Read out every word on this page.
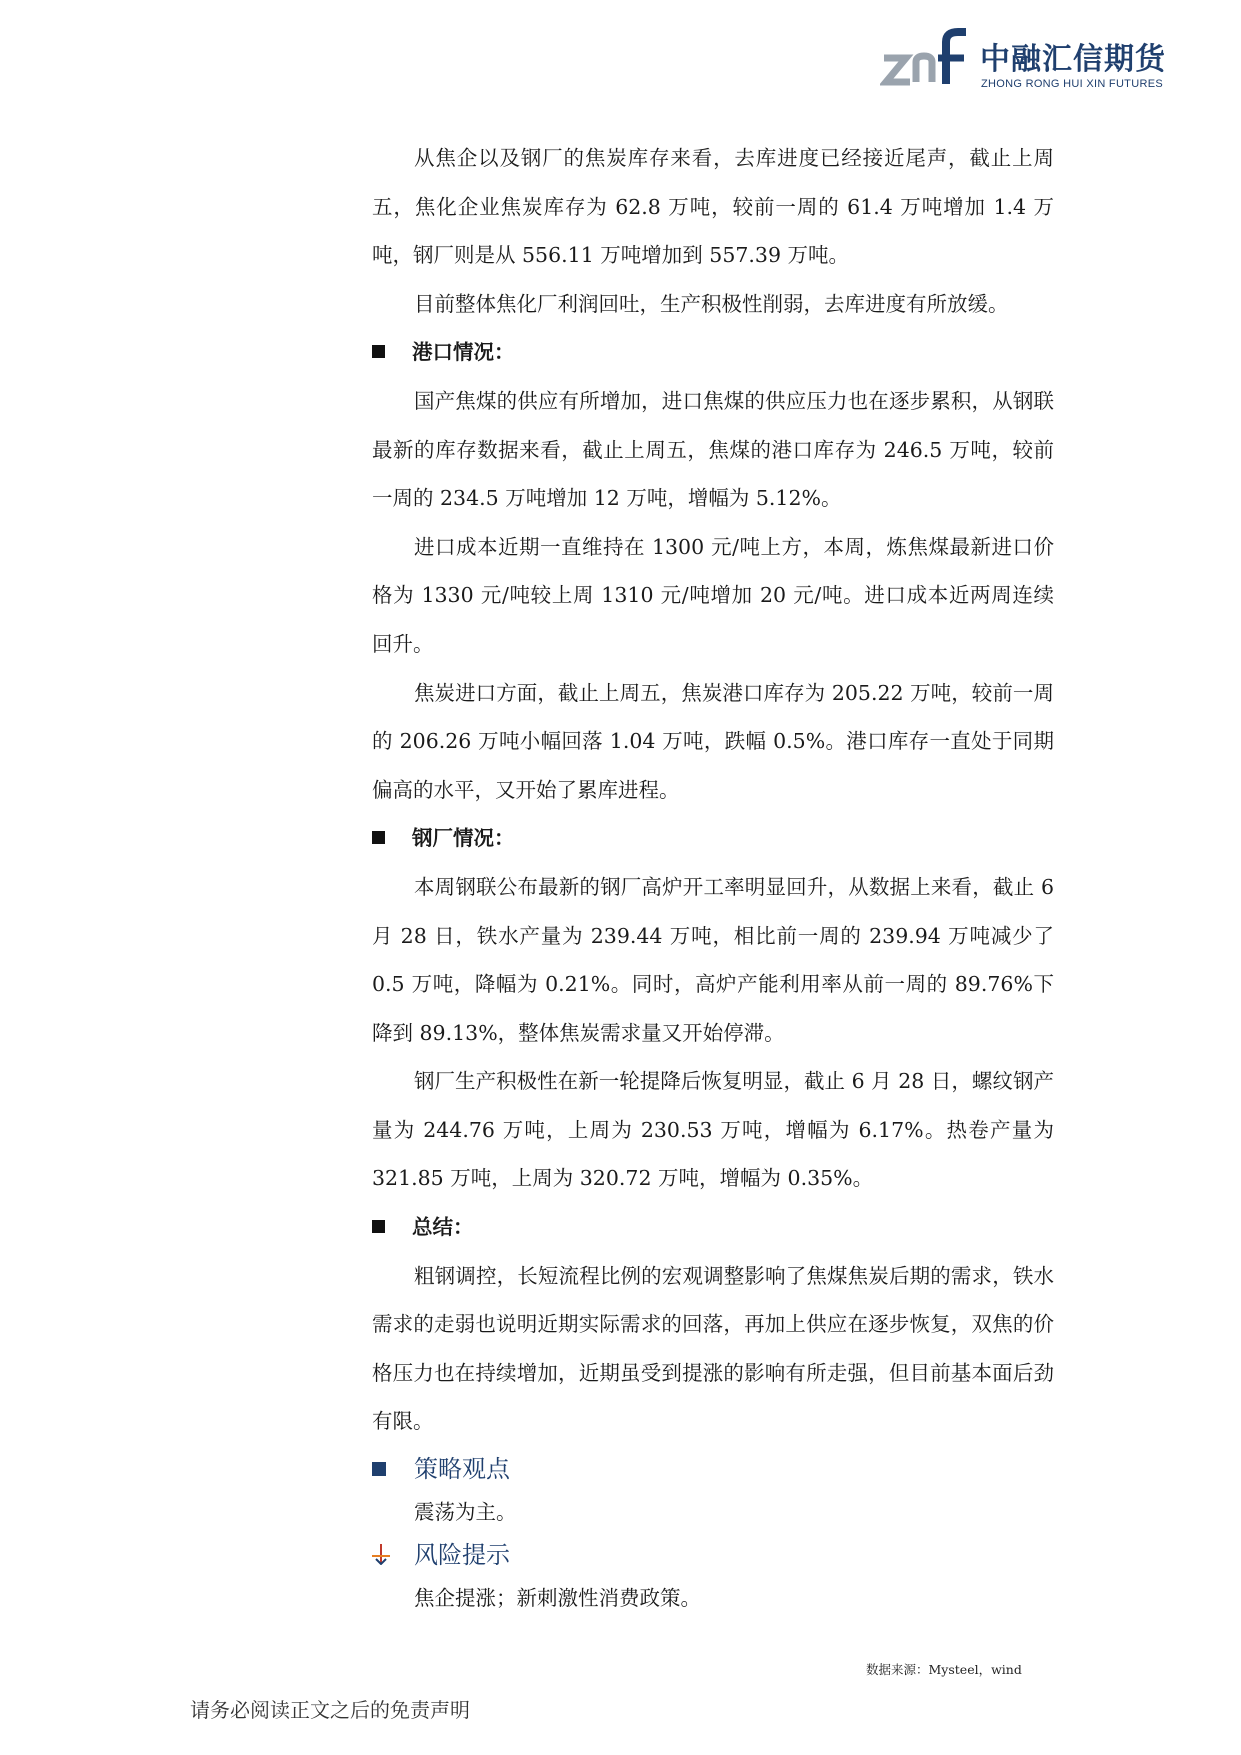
中融汇信期货
ZHONG RONG HUI XIN FUTURES

从焦企以及钢厂的焦炭库存来看，去库进度已经接近尾声，截止上周五，焦化企业焦炭库存为 62.8 万吨，较前一周的 61.4 万吨增加 1.4 万吨，钢厂则是从 556.11 万吨增加到 557.39 万吨。

目前整体焦化厂利润回吐，生产积极性削弱，去库进度有所放缓。

港口情况：

国产焦煤的供应有所增加，进口焦煤的供应压力也在逐步累积，从钢联最新的库存数据来看，截止上周五，焦煤的港口库存为 246.5 万吨，较前一周的 234.5 万吨增加 12 万吨，增幅为 5.12%。

进口成本近期一直维持在 1300 元/吨上方，本周，炼焦煤最新进口价格为 1330 元/吨较上周 1310 元/吨增加 20 元/吨。进口成本近两周连续回升。

焦炭进口方面，截止上周五，焦炭港口库存为 205.22 万吨，较前一周的 206.26 万吨小幅回落 1.04 万吨，跌幅 0.5%。港口库存一直处于同期偏高的水平，又开始了累库进程。

钢厂情况：

本周钢联公布最新的钢厂高炉开工率明显回升，从数据上来看，截止 6 月 28 日，铁水产量为 239.44 万吨，相比前一周的 239.94 万吨减少了 0.5 万吨，降幅为 0.21%。同时，高炉产能利用率从前一周的 89.76%下降到 89.13%，整体焦炭需求量又开始停滞。

钢厂生产积极性在新一轮提降后恢复明显，截止 6 月 28 日，螺纹钢产量为 244.76 万吨，上周为 230.53 万吨，增幅为 6.17%。热卷产量为 321.85 万吨，上周为 320.72 万吨，增幅为 0.35%。

总结：

粗钢调控，长短流程比例的宏观调整影响了焦煤焦炭后期的需求，铁水需求的走弱也说明近期实际需求的回落，再加上供应在逐步恢复，双焦的价格压力也在持续增加，近期虽受到提涨的影响有所走强，但目前基本面后劲有限。

策略观点

震荡为主。

风险提示

焦企提涨；新刺激性消费政策。

数据来源：Mysteel，wind
请务必阅读正文之后的免责声明
